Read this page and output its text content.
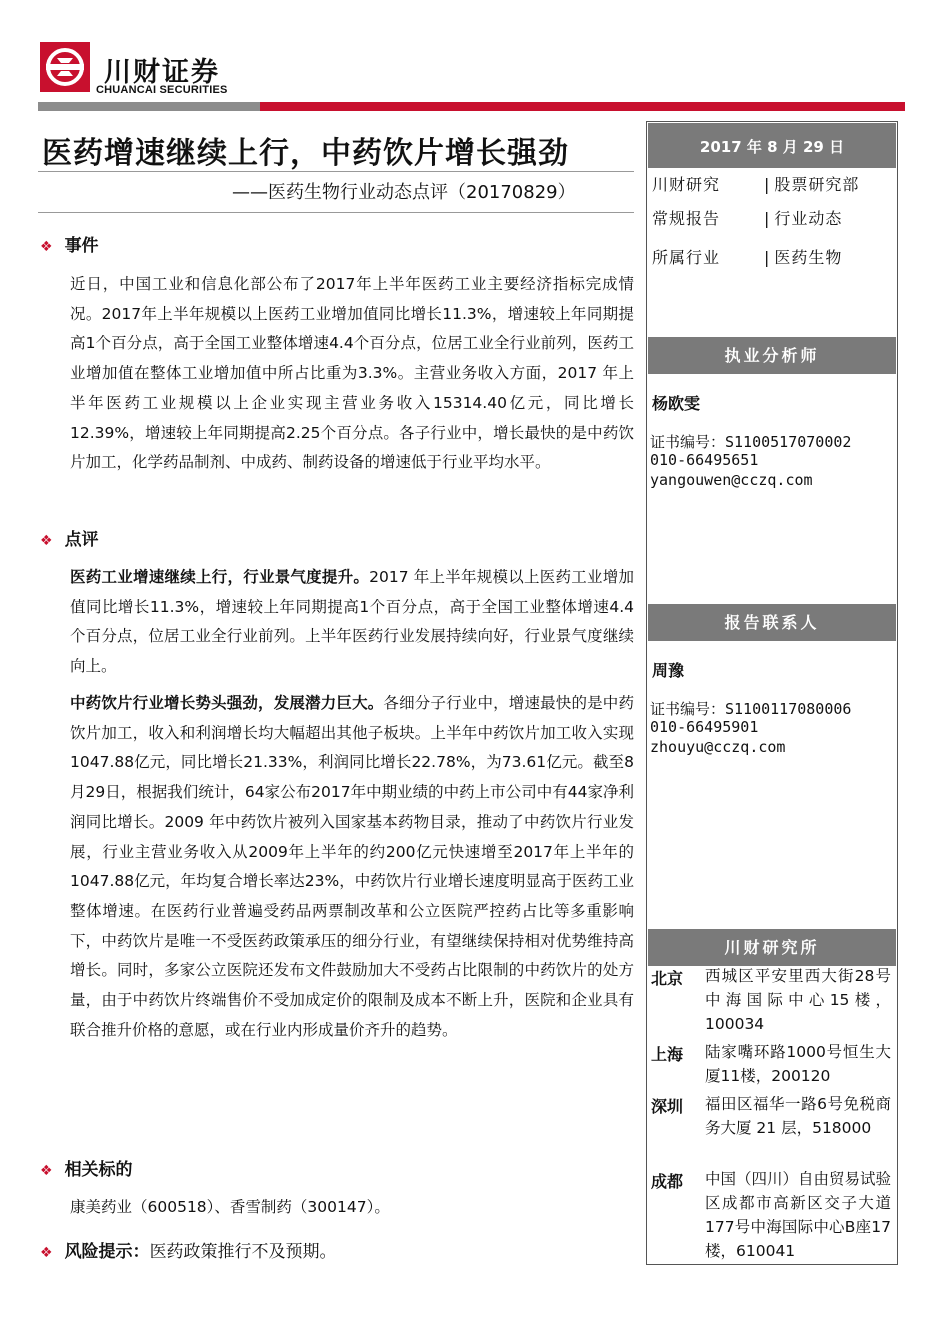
川财证券
CHUANCAI SECURITIES
医药增速继续上行，中药饮片增长强劲
——医药生物行业动态点评（20170829）
❖ 事件
近日，中国工业和信息化部公布了2017年上半年医药工业主要经济指标完成情况。2017年上半年规模以上医药工业增加值同比增长11.3%，增速较上年同期提高1个百分点，高于全国工业整体增速4.4个百分点，位居工业全行业前列，医药工业增加值在整体工业增加值中所占比重为3.3%。主营业务收入方面，2017 年上半年医药工业规模以上企业实现主营业务收入15314.40亿元，同比增长12.39%，增速较上年同期提高2.25个百分点。各子行业中，增长最快的是中药饮片加工，化学药品制剂、中成药、制药设备的增速低于行业平均水平。
❖ 点评
医药工业增速继续上行，行业景气度提升。2017 年上半年规模以上医药工业增加值同比增长11.3%，增速较上年同期提高1个百分点，高于全国工业整体增速4.4个百分点，位居工业全行业前列。上半年医药行业发展持续向好，行业景气度继续向上。
中药饮片行业增长势头强劲，发展潜力巨大。各细分子行业中，增速最快的是中药饮片加工，收入和利润增长均大幅超出其他子板块。上半年中药饮片加工收入实现1047.88亿元，同比增长21.33%，利润同比增长22.78%，为73.61亿元。截至8月29日，根据我们统计，64家公布2017年中期业绩的中药上市公司中有44家净利润同比增长。2009 年中药饮片被列入国家基本药物目录，推动了中药饮片行业发展，行业主营业务收入从2009年上半年的约200亿元快速增至2017年上半年的1047.88亿元，年均复合增长率达23%，中药饮片行业增长速度明显高于医药工业整体增速。在医药行业普遍受药品两票制改革和公立医院严控药占比等多重影响下，中药饮片是唯一不受医药政策承压的细分行业，有望继续保持相对优势维持高增长。同时，多家公立医院还发布文件鼓励加大不受药占比限制的中药饮片的处方量，由于中药饮片终端售价不受加成定价的限制及成本不断上升，医院和企业具有联合推升价格的意愿，或在行业内形成量价齐升的趋势。
❖ 相关标的
康美药业（600518）、香雪制药（300147）。
❖ 风险提示：医药政策推行不及预期。
2017 年 8 月 29 日
川财研究	| 股票研究部
常规报告	| 行业动态
所属行业	| 医药生物
执业分析师
杨欧雯
证书编号：S1100517070002
010-66495651
yangouwen@cczq.com
报告联系人
周豫
证书编号：S1100117080006
010-66495901
zhouyu@cczq.com
川财研究所
北京 西城区平安里西大街28号中海国际中心15楼，100034
上海 陆家嘴环路1000号恒生大厦11楼，200120
深圳 福田区福华一路6号免税商务大厦 21 层，518000
成都 中国（四川）自由贸易试验区成都市高新区交子大道177号中海国际中心B座17楼，610041
